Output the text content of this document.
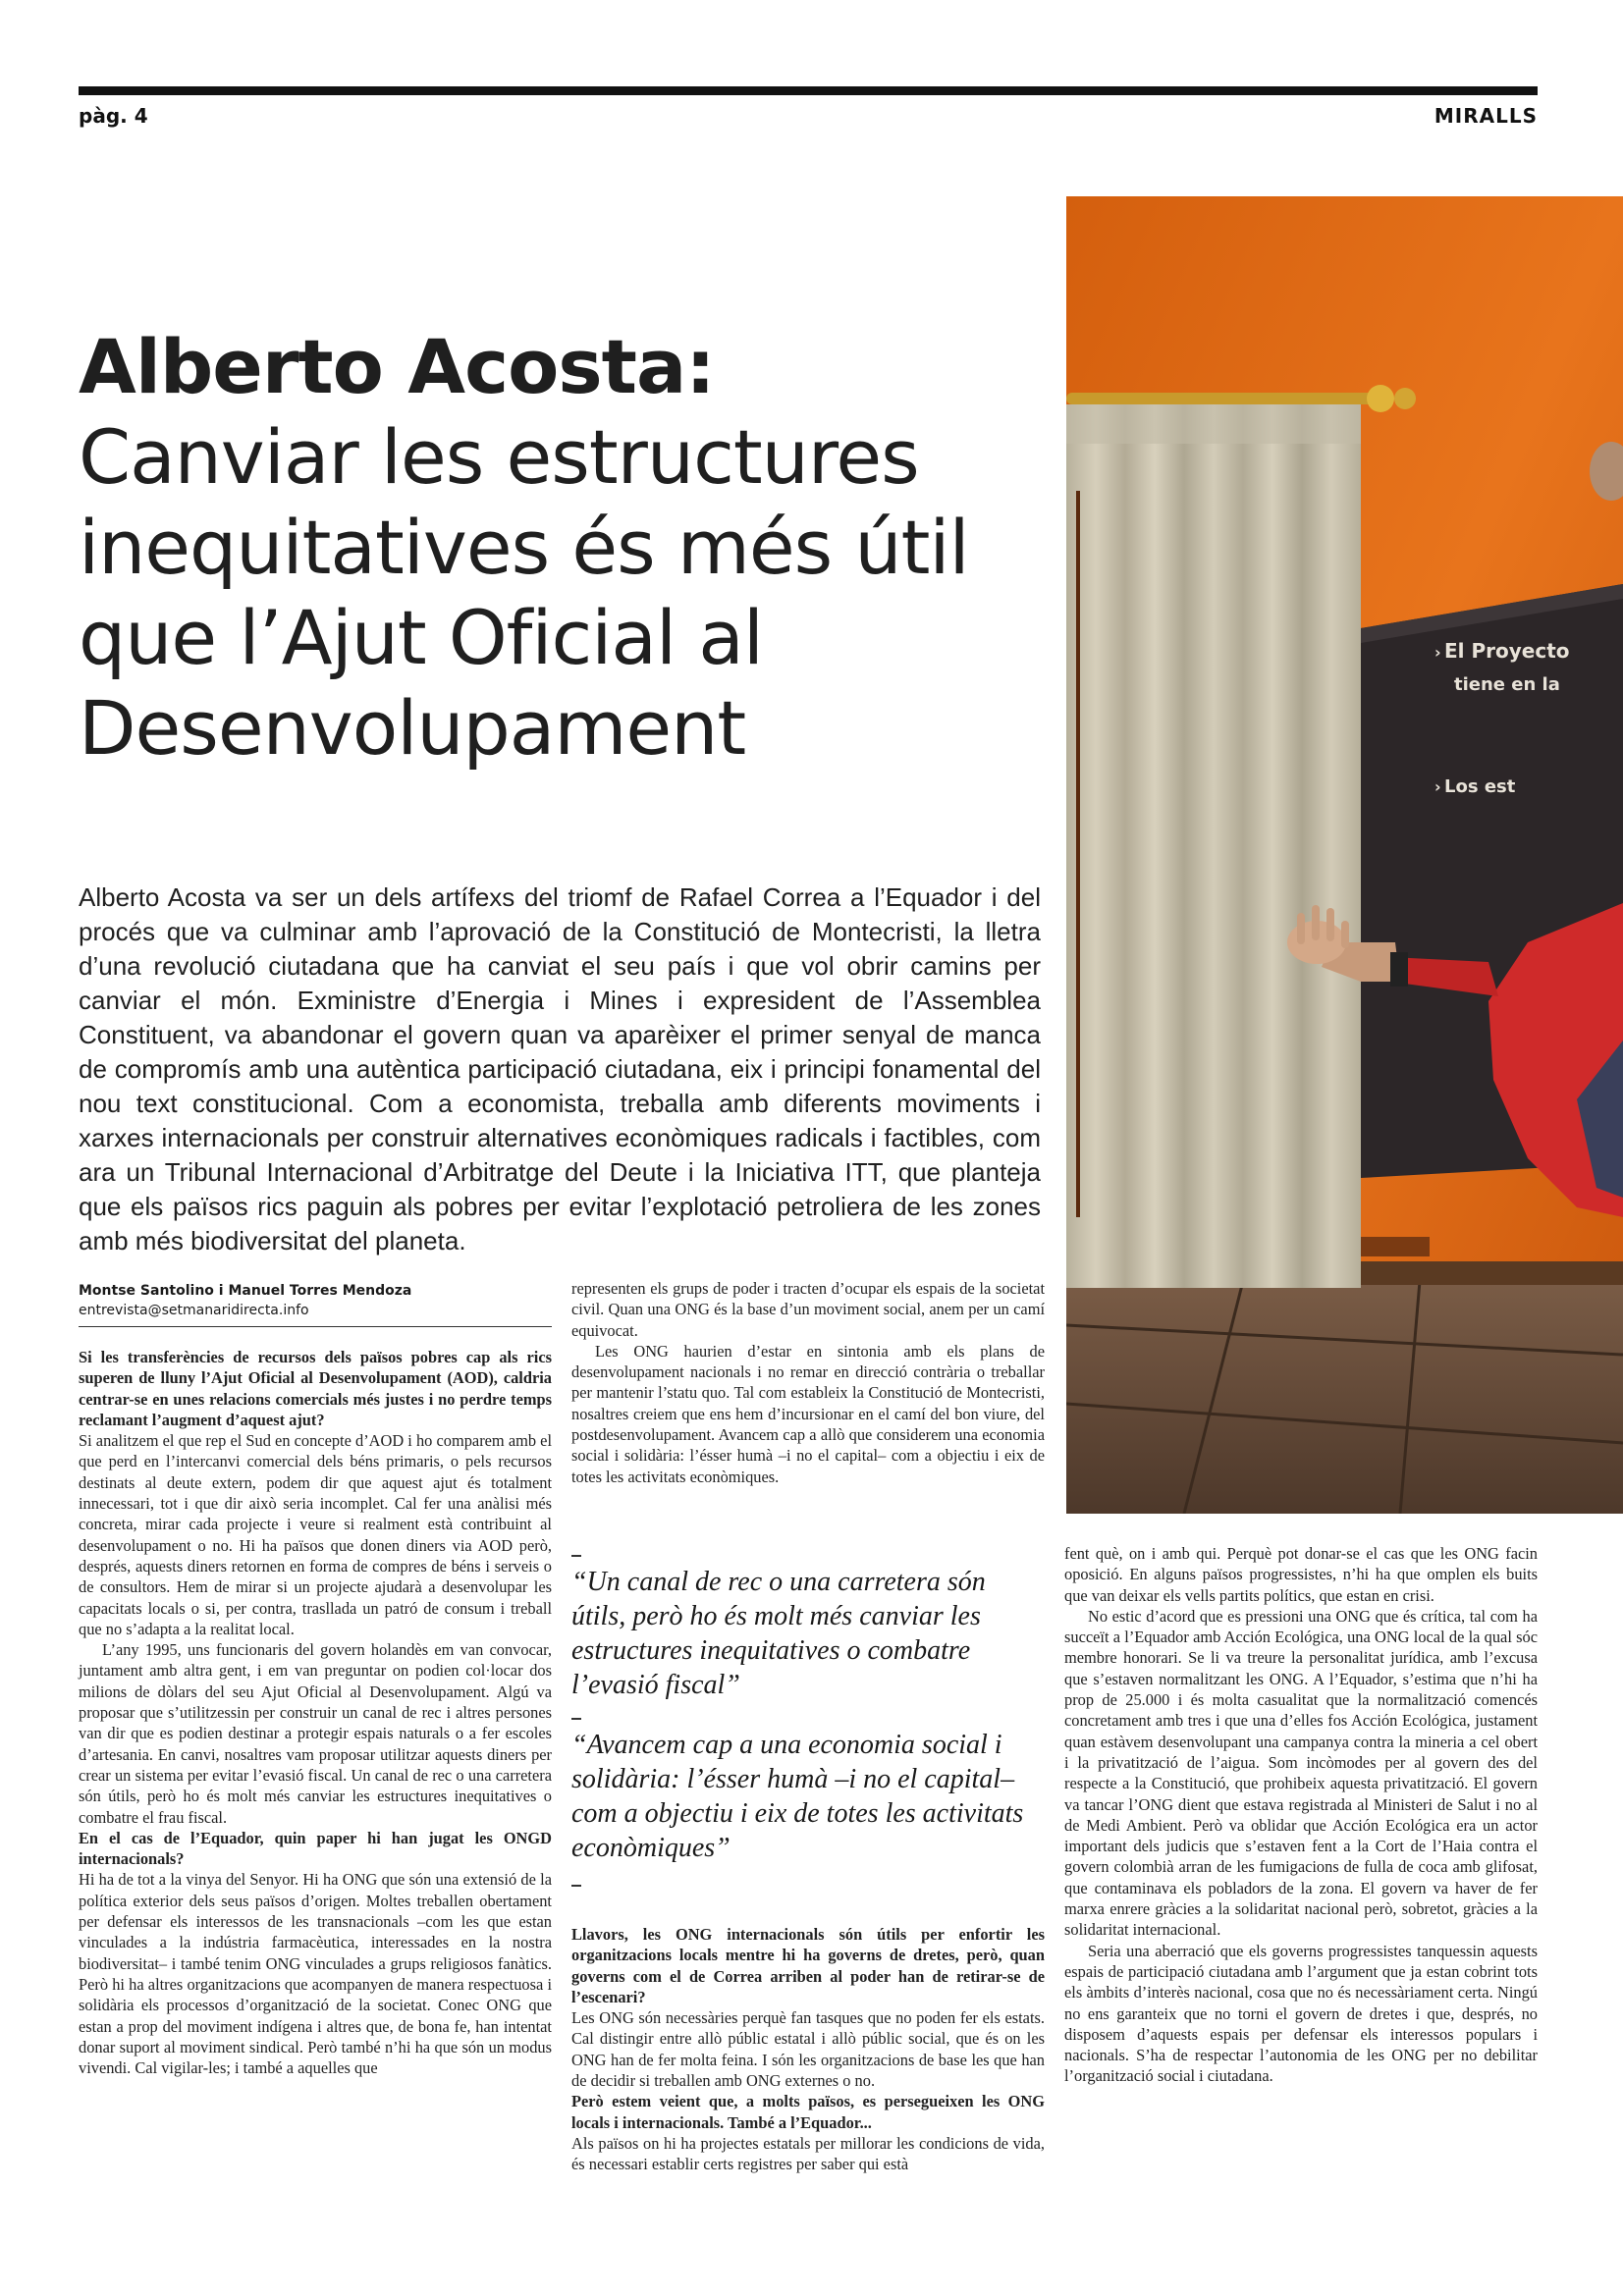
pàg. 4	MIRALLS
El Proyecto
tiene en la
Los est
›
›
Alberto Acosta:
Canviar les estructures inequitatives és més útil que l’Ajut Oficial al Desenvolupament
Alberto Acosta va ser un dels artífexs del triomf de Rafael Correa a l’Equador i del procés que va culminar amb l’aprovació de la Constitució de Montecristi, la lletra d’una revolució ciutadana que ha canviat el seu país i que vol obrir camins per canviar el món. Exministre d’Energia i Mines i expresident de l’Assemblea Constituent, va abandonar el govern quan va aparèixer el primer senyal de manca de compromís amb una autèntica participació ciutadana, eix i principi fonamental del nou text constitucional. Com a economista, treballa amb diferents moviments i xarxes internacionals per construir alternatives econòmiques radicals i factibles, com ara un Tribunal Internacional d’Arbitratge del Deute i la Iniciativa ITT, que planteja que els països rics paguin als pobres per evitar l’explotació petroliera de les zones amb més biodiversitat del planeta.
Montse Santolino i Manuel Torres Mendoza
entrevista@setmanaridirecta.info

Si les transferències de recursos dels països pobres cap als rics superen de lluny l’Ajut Oficial al Desenvolupament (AOD), caldria centrar-se en unes relacions comercials més justes i no perdre temps reclamant l’augment d’aquest ajut?

Si analitzem el que rep el Sud en concepte d’AOD i ho comparem amb el que perd en l’intercanvi comercial dels béns primaris, o pels recursos destinats al deute extern, podem dir que aquest ajut és totalment innecessari, tot i que dir això seria incomplet. Cal fer una anàlisi més concreta, mirar cada projecte i veure si realment està contribuint al desenvolupament o no. Hi ha països que donen diners via AOD però, després, aquests diners retornen en forma de compres de béns i serveis o de consultors. Hem de mirar si un projecte ajudarà a desenvolupar les capacitats locals o si, per contra, trasllada un patró de consum i treball que no s’adapta a la realitat local.

L’any 1995, uns funcionaris del govern holandès em van convocar, juntament amb altra gent, i em van preguntar on podien col·locar dos milions de dòlars del seu Ajut Oficial al Desenvolupament. Algú va proposar que s’utilitzessin per construir un canal de rec i altres persones van dir que es podien destinar a protegir espais naturals o a fer escoles d’artesania. En canvi, nosaltres vam proposar utilitzar aquests diners per crear un sistema per evitar l’evasió fiscal. Un canal de rec o una carretera són útils, però ho és molt més canviar les estructures inequitatives o combatre el frau fiscal.

En el cas de l’Equador, quin paper hi han jugat les ONGD internacionals?

Hi ha de tot a la vinya del Senyor. Hi ha ONG que són una extensió de la política exterior dels seus països d’origen. Moltes treballen obertament per defensar els interessos de les transnacionals –com les que estan vinculades a la indústria farmacèutica, interessades en la nostra biodiversitat– i també tenim ONG vinculades a grups religiosos fanàtics. Però hi ha altres organitzacions que acompanyen de manera respectuosa i solidària els processos d’organització de la societat. Conec ONG que estan a prop del moviment indígena i altres que, de bona fe, han intentat donar suport al moviment sindical. Però també n’hi ha que són un modus vivendi. Cal vigilar-les; i també a aquelles que

representen els grups de poder i tracten d’ocupar els espais de la societat civil. Quan una ONG és la base d’un moviment social, anem per un camí equivocat.

Les ONG haurien d’estar en sintonia amb els plans de desenvolupament nacionals i no remar en direcció contrària o treballar per mantenir l’statu quo. Tal com estableix la Constitució de Montecristi, nosaltres creiem que ens hem d’incursionar en el camí del bon viure, del postdesenvolupament. Avancem cap a allò que considerem una economia social i solidària: l’ésser humà –i no el capital– com a objectiu i eix de totes les activitats econòmiques.

“Un canal de rec o una carretera són útils, però ho és molt més canviar les estructures inequitatives o combatre l’evasió fiscal”
“Avancem cap a una economia social i solidària: l’ésser humà –i no el capital– com a objectiu i eix de totes les activitats econòmiques”

Llavors, les ONG internacionals són útils per enfortir les organitzacions locals mentre hi ha governs de dretes, però, quan governs com el de Correa arriben al poder han de retirar-se de l’escenari?

Les ONG són necessàries perquè fan tasques que no poden fer els estats. Cal distingir entre allò públic estatal i allò públic social, que és on les ONG han de fer molta feina. I són les organitzacions de base les que han de decidir si treballen amb ONG externes o no.

Però estem veient que, a molts països, es persegueixen les ONG locals i internacionals. També a l’Equador...

Als països on hi ha projectes estatals per millorar les condicions de vida, és necessari establir certs registres per saber qui està

fent què, on i amb qui. Perquè pot donar-se el cas que les ONG facin oposició. En alguns països progressistes, n’hi ha que omplen els buits que van deixar els vells partits polítics, que estan en crisi.

No estic d’acord que es pressioni una ONG que és crítica, tal com ha succeït a l’Equador amb Acción Ecológica, una ONG local de la qual sóc membre honorari. Se li va treure la personalitat jurídica, amb l’excusa que s’estaven normalitzant les ONG. A l’Equador, s’estima que n’hi ha prop de 25.000 i és molta casualitat que la normalització comencés concretament amb tres i que una d’elles fos Acción Ecológica, justament quan estàvem desenvolupant una campanya contra la mineria a cel obert i la privatització de l’aigua. Som incòmodes per al govern des del respecte a la Constitució, que prohibeix aquesta privatització. El govern va tancar l’ONG dient que estava registrada al Ministeri de Salut i no al de Medi Ambient. Però va oblidar que Acción Ecológica era un actor important dels judicis que s’estaven fent a la Cort de l’Haia contra el govern colombià arran de les fumigacions de fulla de coca amb glifosat, que contaminava els pobladors de la zona. El govern va haver de fer marxa enrere gràcies a la solidaritat nacional però, sobretot, gràcies a la solidaritat internacional.

Seria una aberració que els governs progressistes tanquessin aquests espais de participació ciutadana amb l’argument que ja estan cobrint tots els àmbits d’interès nacional, cosa que no és necessàriament certa. Ningú no ens garanteix que no torni el govern de dretes i que, després, no disposem d’aquests espais per defensar els interessos populars i nacionals. S’ha de respectar l’autonomia de les ONG per no debilitar l’organització social i ciutadana.
